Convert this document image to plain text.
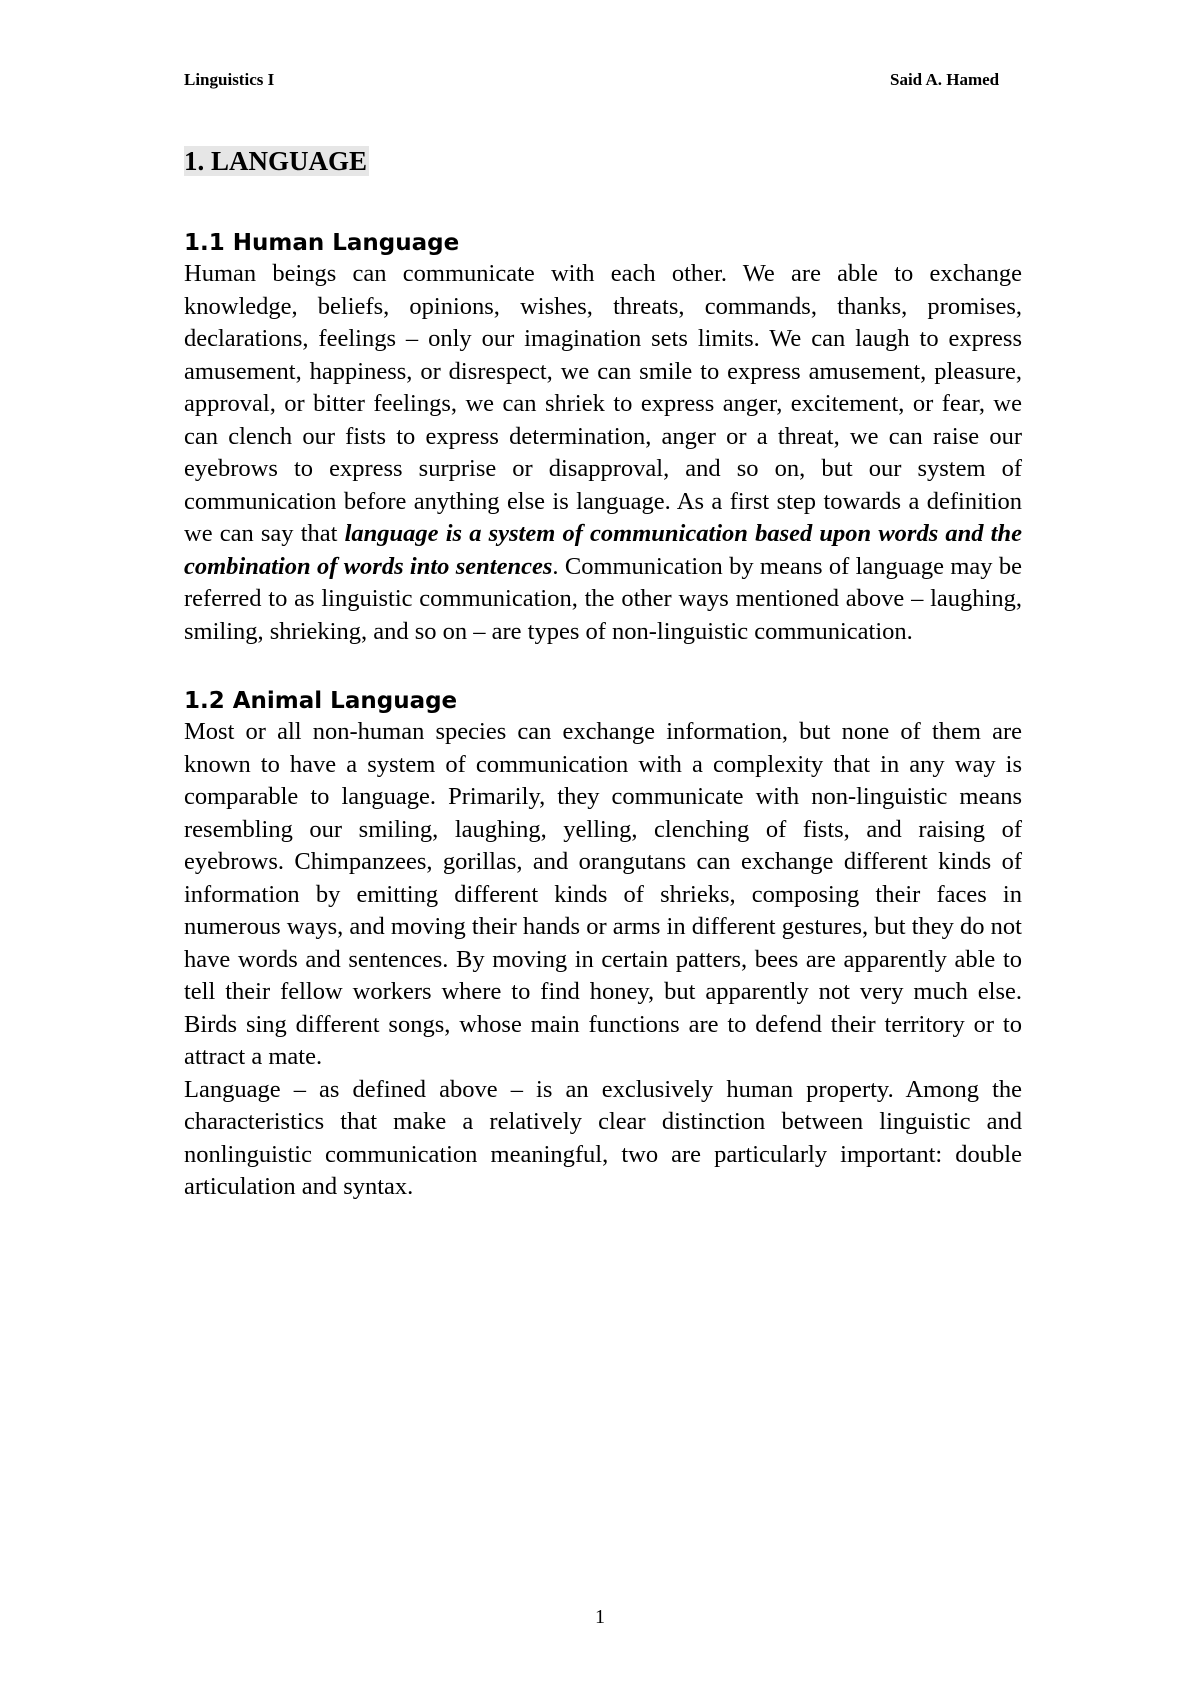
Linguistics I	Said A. Hamed
1. LANGUAGE
1.1 Human Language

Human beings can communicate with each other. We are able to exchange knowledge, beliefs, opinions, wishes, threats, commands, thanks, promises, declarations, feelings – only our imagination sets limits. We can laugh to express amusement, happiness, or disrespect, we can smile to express amusement, pleasure, approval, or bitter feelings, we can shriek to express anger, excitement, or fear, we can clench our fists to express determination, anger or a threat, we can raise our eyebrows to express surprise or disapproval, and so on, but our system of communication before anything else is language. As a first step towards a definition we can say that language is a system of communication based upon words and the combination of words into sentences. Communication by means of language may be referred to as linguistic communication, the other ways mentioned above – laughing, smiling, shrieking, and so on – are types of non-linguistic communication.

1.2 Animal Language

Most or all non-human species can exchange information, but none of them are known to have a system of communication with a complexity that in any way is comparable to language. Primarily, they communicate with non-linguistic means resembling our smiling, laughing, yelling, clenching of fists, and raising of eyebrows. Chimpanzees, gorillas, and orangutans can exchange different kinds of information by emitting different kinds of shrieks, composing their faces in numerous ways, and moving their hands or arms in different gestures, but they do not have words and sentences. By moving in certain patters, bees are apparently able to tell their fellow workers where to find honey, but apparently not very much else. Birds sing different songs, whose main functions are to defend their territory or to attract a mate.

Language – as defined above – is an exclusively human property. Among the characteristics that make a relatively clear distinction between linguistic and nonlinguistic communication meaningful, two are particularly important: double articulation and syntax.

1
